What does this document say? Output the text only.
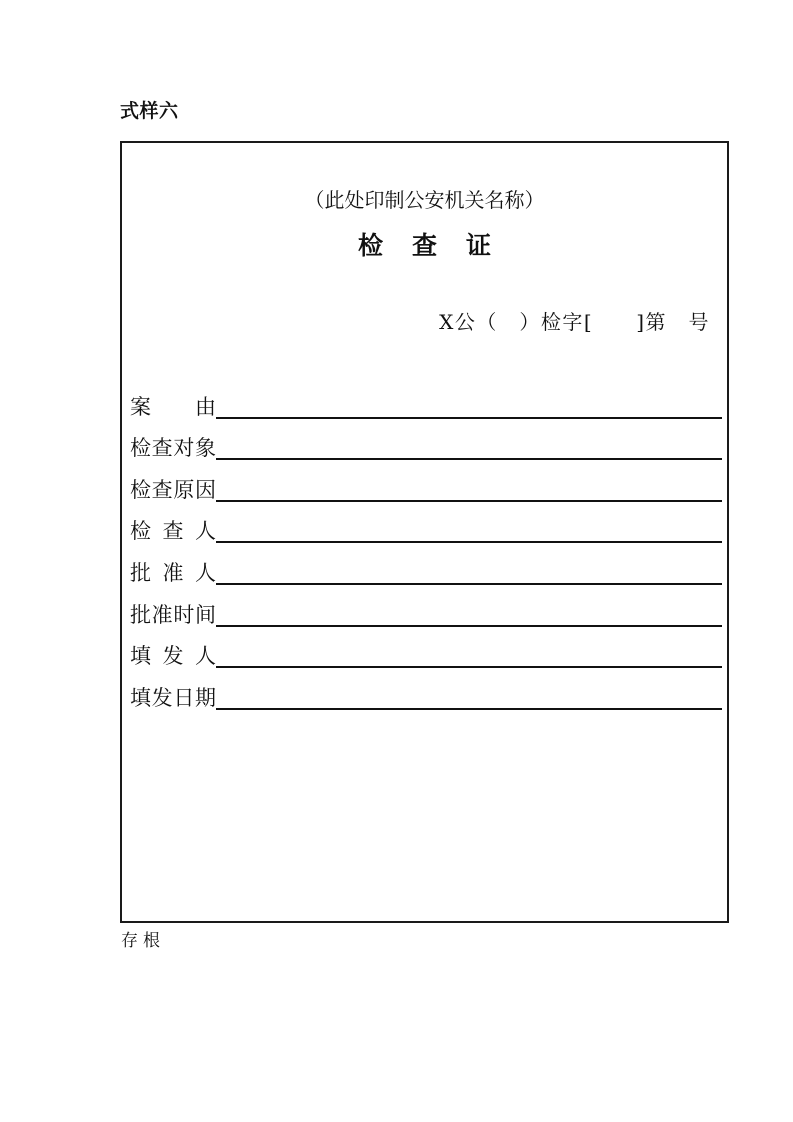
式样六
（此处印制公安机关名称）
检查证
X公（　）检字[　　]第　号
案 由
检 查 对 象
检 查 原 因
检 查 人
批 准 人
批 准 时 间
填 发 人
填 发 日 期
存根
